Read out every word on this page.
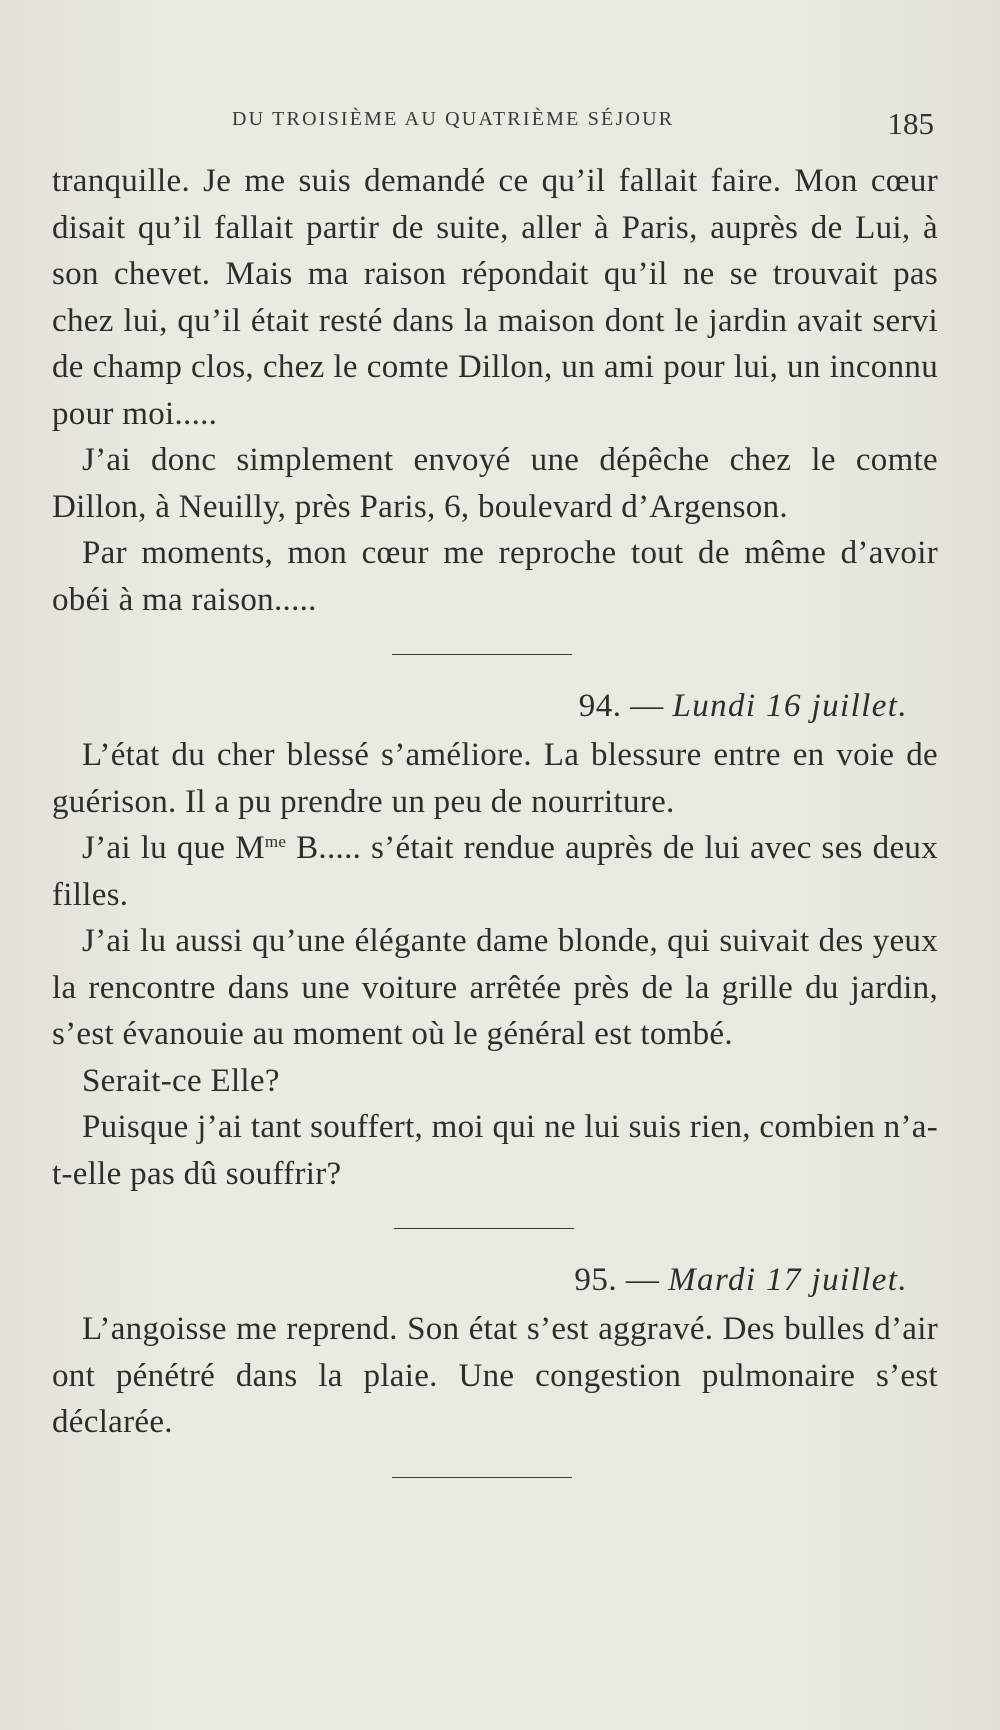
DU TROISIÈME AU QUATRIÈME SÉJOUR	185

tranquille. Je me suis demandé ce qu’il fallait faire. Mon cœur disait qu’il fallait partir de suite, aller à Paris, auprès de Lui, à son chevet. Mais ma raison répondait qu’il ne se trouvait pas chez lui, qu’il était resté dans la maison dont le jardin avait servi de champ clos, chez le comte Dillon, un ami pour lui, un inconnu pour moi.....

J’ai donc simplement envoyé une dépêche chez le comte Dillon, à Neuilly, près Paris, 6, boulevard d’Argenson.

Par moments, mon cœur me reproche tout de même d’avoir obéi à ma raison.....

94. — Lundi 16 juillet.

L’état du cher blessé s’améliore. La blessure entre en voie de guérison. Il a pu prendre un peu de nourriture.

J’ai lu que $M^{me}$ B..... s’était rendue auprès de lui avec ses deux filles.

J’ai lu aussi qu’une élégante dame blonde, qui suivait des yeux la rencontre dans une voiture arrêtée près de la grille du jardin, s’est évanouie au moment où le général est tombé.

Serait-ce Elle?

Puisque j’ai tant souffert, moi qui ne lui suis rien, combien n’a-t-elle pas dû souffrir?

95. — Mardi 17 juillet.

L’angoisse me reprend. Son état s’est aggravé. Des bulles d’air ont pénétré dans la plaie. Une congestion pulmonaire s’est déclarée.
